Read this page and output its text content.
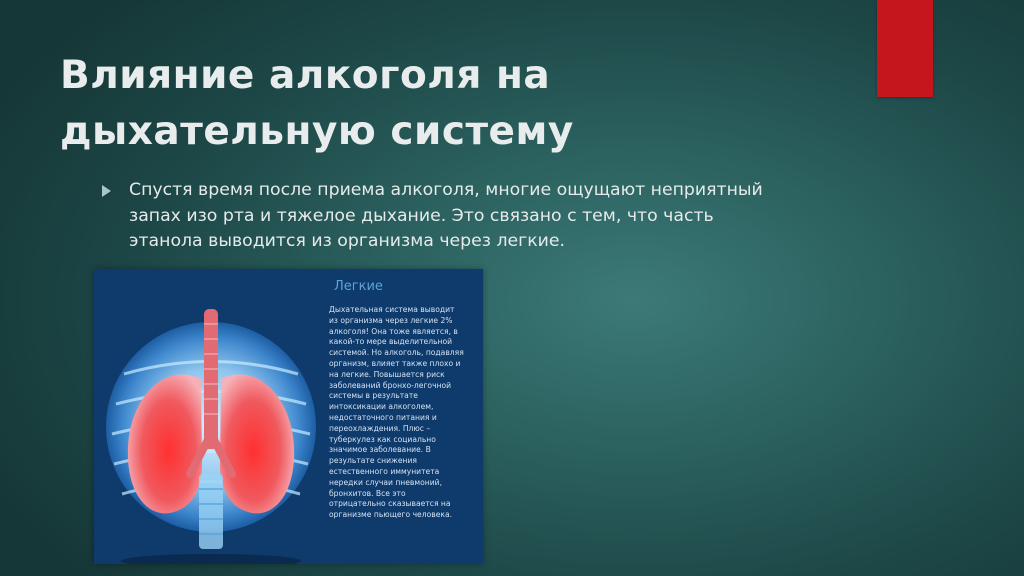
Влияние алкоголя на дыхательную систему

Спустя время после приема алкоголя, многие ощущают неприятный запах изо рта и тяжелое дыхание. Это связано с тем, что часть этанола выводится из организма через легкие.

Легкие

Дыхательная система выводит из организма через легкие 2% алкоголя! Она тоже является, в какой-то мере выделительной системой. Но алкоголь, подавляя организм, влияет также плохо и на легкие. Повышается риск заболеваний бронхо-легочной системы в результате интоксикации алкоголем, недостаточного питания и переохлаждения. Плюс – туберкулез как социально значимое заболевание. В результате снижения естественного иммунитета нередки случаи пневмоний, бронхитов. Все это отрицательно сказывается на организме пьющего человека.
